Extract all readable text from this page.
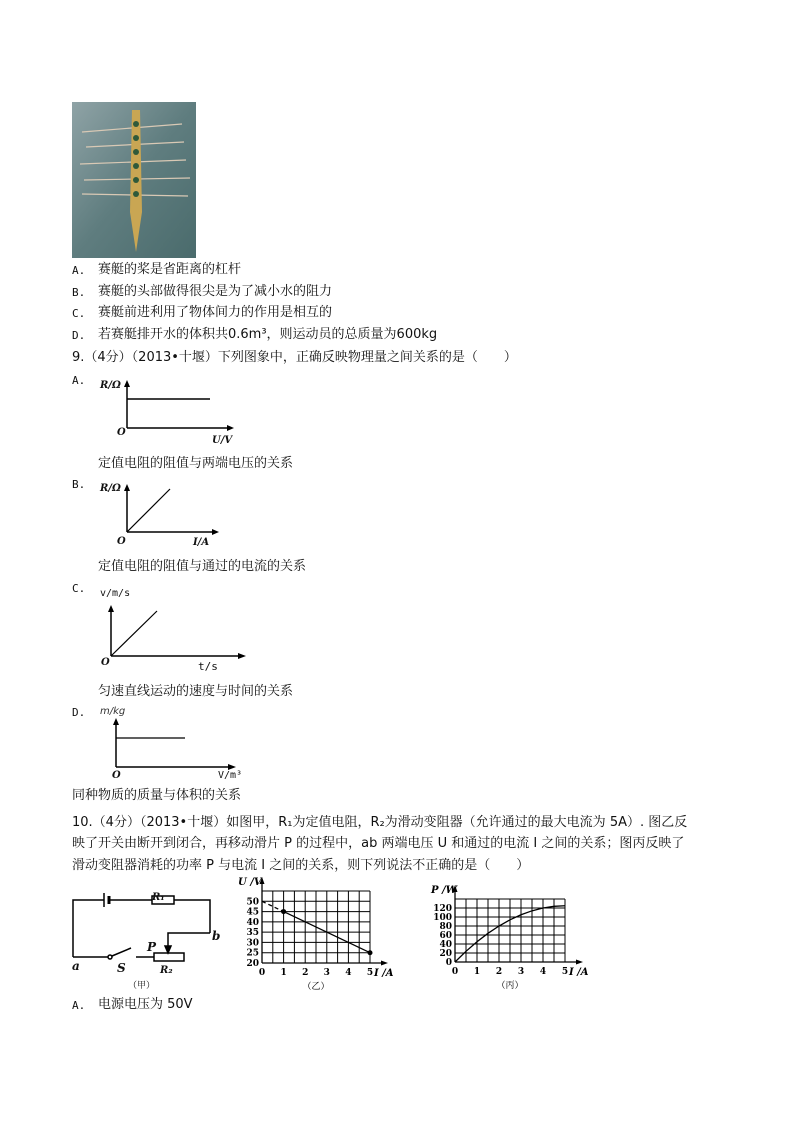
A. 赛艇的桨是省距离的杠杆
B. 赛艇的头部做得很尖是为了减小水的阻力
C. 赛艇前进利用了物体间力的作用是相互的
D. 若赛艇排开水的体积共0.6m³，则运动员的总质量为600kg
9.（4分）（2013•十堰）下列图象中，正确反映物理量之间关系的是（　　）
A. R/Ω
O
U/V
定值电阻的阻值与两端电压的关系
B. R/Ω
O	I/A
定值电阻的阻值与通过的电流的关系
C. v/m/s
O	t/s
匀速直线运动的速度与时间的关系
D. m/kg
O	V/m³
同种物质的质量与体积的关系
10.（4分）（2013•十堰）如图甲，R₁为定值电阻，R₂为滑动变阻器（允许通过的最大电流为 5A）. 图乙反
映了开关由断开到闭合，再移动滑片 P 的过程中，ab 两端电压 U 和通过的电流 I 之间的关系；图丙反映了
滑动变阻器消耗的功率 P 与电流 I 之间的关系，则下列说法不正确的是（　　）
R₁
R₂
a
b
S
P
（甲）
0 1 2 3 4 5
20
25
30
35
40
45
50
U /V
I /A
（乙）
0 1 2 3 4 5
0
20
40
60
80
100
120
P /W
I /A
（丙）
A. 电源电压为 50V
